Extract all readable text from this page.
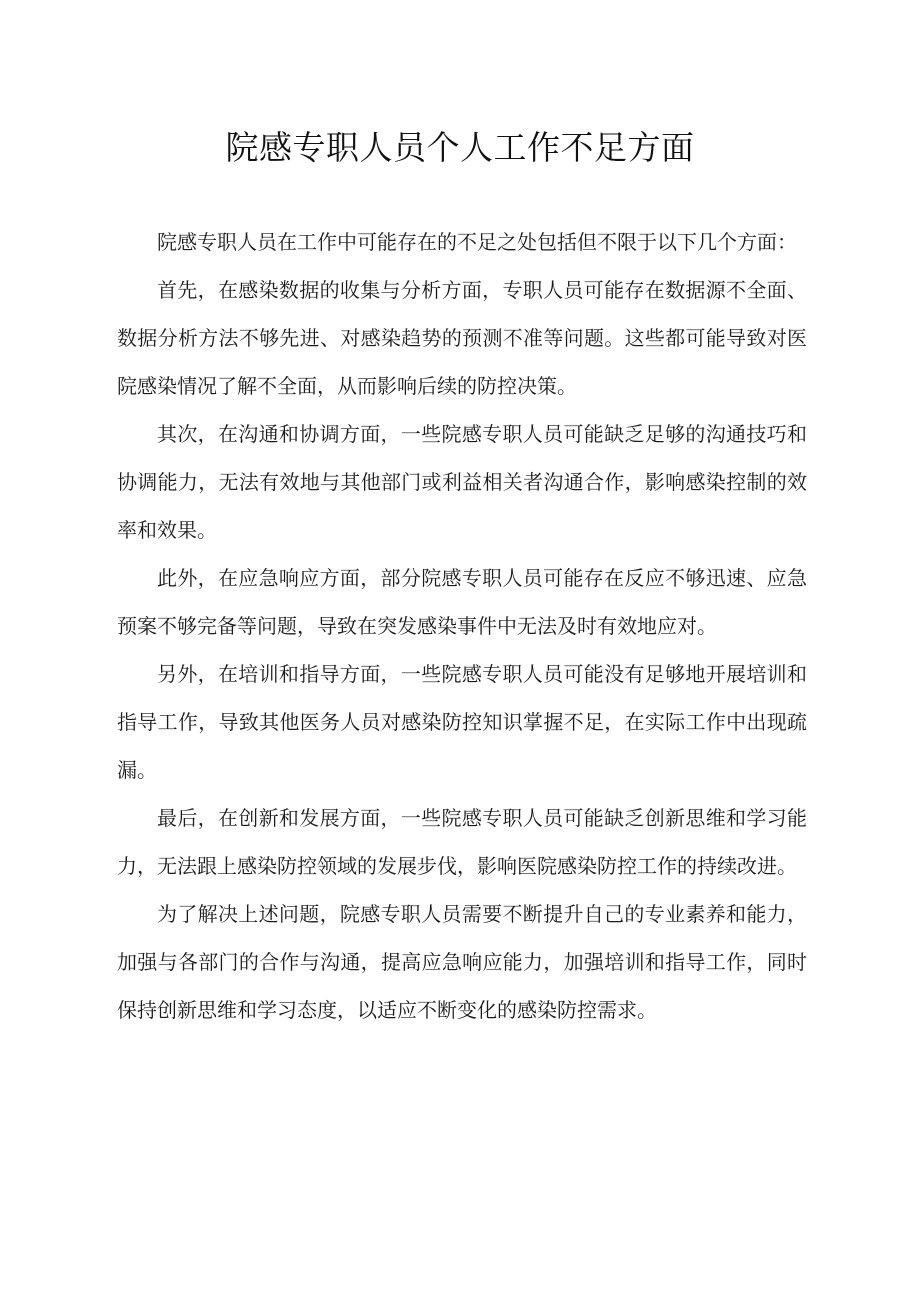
院感专职人员个人工作不足方面

院感专职人员在工作中可能存在的不足之处包括但不限于以下几个方面：

首先，在感染数据的收集与分析方面，专职人员可能存在数据源不全面、数据分析方法不够先进、对感染趋势的预测不准等问题。这些都可能导致对医院感染情况了解不全面，从而影响后续的防控决策。

其次，在沟通和协调方面，一些院感专职人员可能缺乏足够的沟通技巧和协调能力，无法有效地与其他部门或利益相关者沟通合作，影响感染控制的效率和效果。

此外，在应急响应方面，部分院感专职人员可能存在反应不够迅速、应急预案不够完备等问题，导致在突发感染事件中无法及时有效地应对。

另外，在培训和指导方面，一些院感专职人员可能没有足够地开展培训和指导工作，导致其他医务人员对感染防控知识掌握不足，在实际工作中出现疏漏。

最后，在创新和发展方面，一些院感专职人员可能缺乏创新思维和学习能力，无法跟上感染防控领域的发展步伐，影响医院感染防控工作的持续改进。

为了解决上述问题，院感专职人员需要不断提升自己的专业素养和能力，加强与各部门的合作与沟通，提高应急响应能力，加强培训和指导工作，同时保持创新思维和学习态度，以适应不断变化的感染防控需求。
